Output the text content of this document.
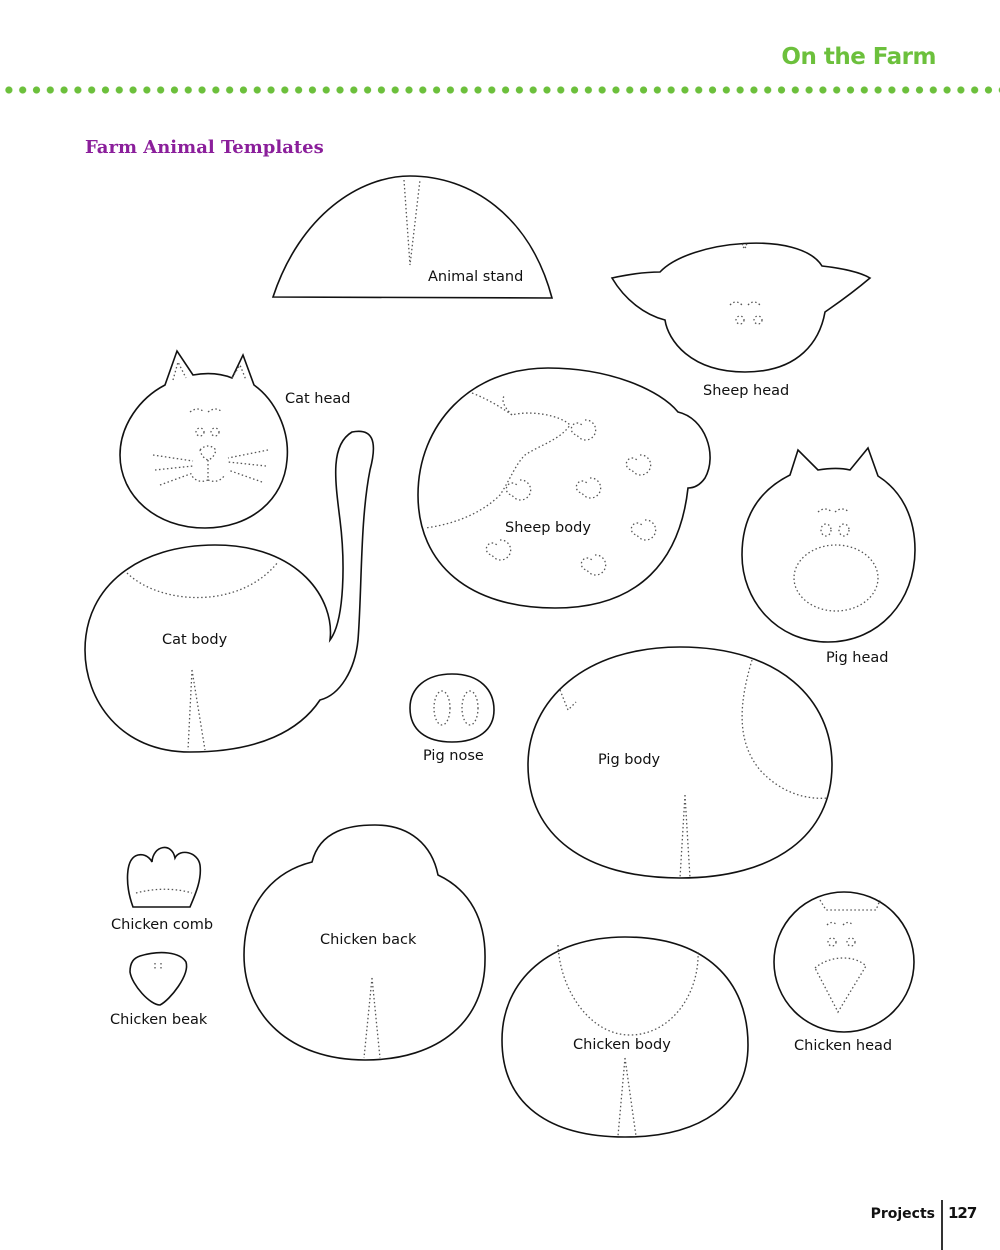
On the Farm
Farm Animal Templates
Animal stand
Sheep head
Cat head
Sheep body
Pig head
Cat body
Pig nose	Pig body
Chicken comb
Chicken back
Chicken beak
Chicken body	Chicken head
Projects 127
